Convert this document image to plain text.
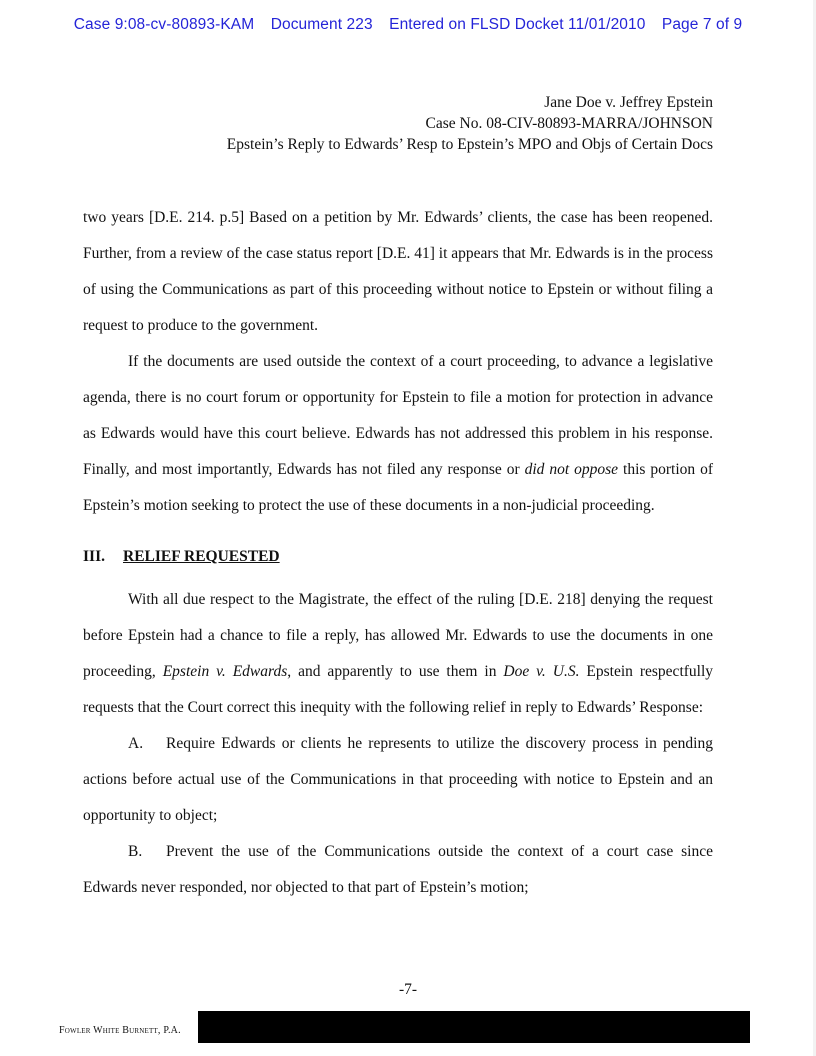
Case 9:08-cv-80893-KAM Document 223 Entered on FLSD Docket 11/01/2010 Page 7 of 9
Jane Doe v. Jeffrey Epstein
Case No. 08-CIV-80893-MARRA/JOHNSON
Epstein’s Reply to Edwards’ Resp to Epstein’s MPO and Objs of Certain Docs

two years [D.E. 214. p.5] Based on a petition by Mr. Edwards’ clients, the case has been reopened. Further, from a review of the case status report [D.E. 41] it appears that Mr. Edwards is in the process of using the Communications as part of this proceeding without notice to Epstein or without filing a request to produce to the government.

If the documents are used outside the context of a court proceeding, to advance a legislative agenda, there is no court forum or opportunity for Epstein to file a motion for protection in advance as Edwards would have this court believe. Edwards has not addressed this problem in his response. Finally, and most importantly, Edwards has not filed any response or did not oppose this portion of Epstein’s motion seeking to protect the use of these documents in a non-judicial proceeding.

III. RELIEF REQUESTED

With all due respect to the Magistrate, the effect of the ruling [D.E. 218] denying the request before Epstein had a chance to file a reply, has allowed Mr. Edwards to use the documents in one proceeding, Epstein v. Edwards, and apparently to use them in Doe v. U.S. Epstein respectfully requests that the Court correct this inequity with the following relief in reply to Edwards’ Response:

A. Require Edwards or clients he represents to utilize the discovery process in pending actions before actual use of the Communications in that proceeding with notice to Epstein and an opportunity to object;

B. Prevent the use of the Communications outside the context of a court case since Edwards never responded, nor objected to that part of Epstein’s motion;

-7-
Fowler White Burnett, P.A.
